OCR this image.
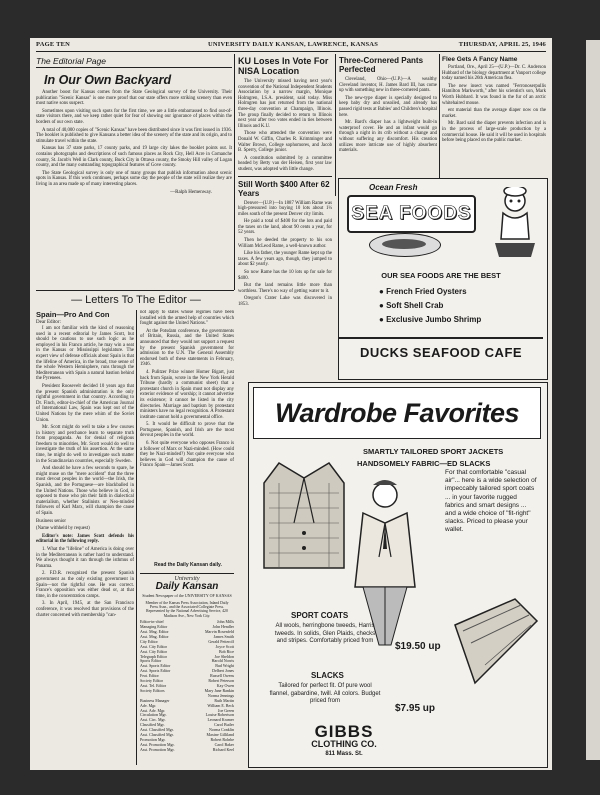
PAGE TEN	UNIVERSITY DAILY KANSAN, LAWRENCE, KANSAS	THURSDAY, APRIL 25, 1946
The Editorial Page
In Our Own Backyard

Another boost for Kansas comes from the State Geological survey of the University. Their publication "Scenic Kansas" is one more proof that our state offers more striking scenery than even most native sons suspect.

Sometimes upon visiting such spots for the first time, we are a little embarrassed to find out-of-state visitors there, and we keep rather quiet for fear of showing our ignorance of places within the borders of our own state.

A total of 40,000 copies of "Scenic Kansas" have been distributed since it was first issued in 1936. The booklet is published to give Kansans a better idea of the scenery of the state and its origin, and to stimulate travel within the state.

Kansas has 37 state parks, 17 county parks, and 19 large city lakes the booklet points out. It contains photographs and descriptions of such famous places as Rock City, Hell Acre in Comanche county, St. Jacob's Well in Clark county, Buck City in Ottawa county, the Smoky Hill valley of Logan county, and the many outstanding topographical features of Gove county.

The State Geological survey is only one of many groups that publish information about scenic spots in Kansas. If this work continues, perhaps some day the people of the state will realize they are living in an area made up of many interesting places.

—Ralph Hemenway.
KU Loses In Vote For NISA Location

The University missed having next year's convention of the National Independent Students Association by a narrow margin, Monique Holmgren, I.S.A. president, said today. Miss Holmgren has just returned from the national three-day convention at Champaign, Illinois. The group finally decided to return to Illinois next year after two votes ended in ties between Illinois and K.U.

Those who attended the convention were Donald W. Giffin, Charles R. Krimminger and Walter Brown, College sophomores, and Jacob B. Sperry, College junior.

A constitution submitted by a committee headed by Betty van der Heisen, first year law student, was adopted with little change.

Still Worth $400 After 62 Years

Denver—(U.P.)—In 1887 William Rame was high-pressured into buying 10 lots about 1¼ miles south of the present Denver city limits.

He paid a total of $400 for the lots and paid the taxes on the land, about 90 cents a year, for 52 years.

Then he deeded the property to his son William McLeod Rame, a well-known author.

Like his father, the younger Rame kept up the taxes. A few years ago, though, they jumped to about $2 yearly.

So now Rame has the 10 lots up for sale for $400.

But the land remains little more than worthless. There's no way of getting water to it.

Oregon's Crater Lake was discovered in 1853.

Three-Cornered Pants Perfected

Cleveland, Ohio—(U.P.)—A wealthy Cleveland inventor, H. James Bard III, has come up with something new in three-cornered pants.

The new-type diaper is specially designed to keep baby dry and unsoiled, and already has passed rigid tests at Babies' and Children's hospital here.

Mr. Bard's diaper has a lightweight built-in waterproof cover. He and an infant would go through a night in its crib without a change and without suffering any discomfort. His creation utilizes more intricate use of highly absorbent materials.

Flee Gets A Fancy Name

Portland, Ore., April 25—(U.P.)—Dr. C. Anderson Hubbard of the biology department at Vanport college today named his 26th American flea.

The new insect was named "Ferronoserpullis Hamilton Markworth," after his scientist's son, Mark Worth Hubbard. It was found in the fur of an arctic whitehaired mouse.

ent material than the average diaper now on the market.

Mr. Bard said the diaper prevents infection and is in the process of large-scale production by a commercial house. He said it will be used in hospitals before being placed on the public market.

Ocean Fresh
SEA FOODS
OUR SEA FOODS ARE THE BEST
● French Fried Oysters
● Soft Shell Crab
● Exclusive Jumbo Shrimp
DUCKS SEAFOOD CAFE
— Letters To The Editor —
Spain—Pro And Con
Dear Editor:

I am not familiar with the kind of reasoning used in a recent editorial by James Scott, but should be cautious to use such logic as he employed in his Franco article, he may win a seat in the Kansas or Mississippi legislature. The expert view of defense officials about Spain is that the lifeline of America, in the broad, true sense of the whole Western Hemisphere, runs through the Mediterranean with Spain a natural bastion behind the Pyrenees.

President Roosevelt decided 10 years ago that the present Spanish administration is the only rightful government in that country. According to Dr. Finch, editor-in-chief of the American Journal of International Law, Spain was kept out of the United Nations by the mere whim of the Soviet Union.

Mr. Scott might do well to take a few courses in history and perchance learn to separate truth from propaganda. As for denial of religious freedom to minorities, Mr. Scott would do well to investigate the truth of his assertion. At the same time, he might do well to investigate such matter in the Scandinavian countries, especially Sweden.

And should he have a few seconds to spare, he might muse on the "mere accident" that the three most devout peoples in the world—the Irish, the Spanish, and the Portuguese—are blackballed in the United Nations. Those who believe in God, is opposed to those who pin their faith in dialectical materialism, whether Stalinists or Neo-minded followers of Karl Marx, will champion the cause of Spain.

Business senior

(Name withheld by request)

Editor's note: James Scott defends his editorial in the following reply.

1. What the "lifeline" of America is doing over in the Mediterranean is rather hard to understand. We always thought it ran through the isthmus of Panama.

2. F.D.R. recognized the present Spanish government as the only existing government in Spain—not the rightful one. He was correct. France's opposition was either dead or, at that time, in the concentration camps.

3. In April, 1945, at the San Francisco conference, it was resolved that provisions of the charter concerned with membership "can-

not apply to states whose regimes have been installed with the armed help of countries which fought against the United Nations."

At the Potsdam conference, the governments of Britain, Russia, and the United States announced that they would not support a request by the present Spanish government for admission to the U.N. The General Assembly endorsed both of these statements in February, 1946.

4. Pulitzer Prize winner Homer Bigart, just back from Spain, wrote in the New York Herald Tribune (hardly a communist sheet) that a protestant church in Spain must not display any exterior evidence of worship; it cannot advertise its existence; it cannot be listed in the city directories. Marriage and baptism by protestant ministers have no legal recognition. A Protestant institute cannot hold a governmental office.

5. It would be difficult to prove that the Portuguese, Spanish, and Irish are the most devout peoples in the world.

6. Not quite everyone who opposes Franco is a follower of Marx or Nazi-minded. (How could they be Nazi-minded?) Not quite everyone who believes in God will champion the cause of Franco Spain—James Scott.

Read the Daily Kansan daily.
University
Daily Kansan
Student Newspaper of the UNIVERSITY OF KANSAS
Member of the Kansas Press Association, Inland Daily Press Assn., and the Associated Collegiate Press. Represented by the National Advertising Service, 420 Madison Ave., New York City.
Editor-in-chief	John Mills
Managing Editor	John Hendler
Asst. Mng. Editor	Marvin Rosenfeld
Asst. Mng. Editor	James Smith
City Editor	Gerald Petterolf
Asst. City Editor	Joyce Scott
Asst. City Editor	Bob Rice
Telegraph Editor	Joe Sheldon
Sports Editor	Harold Norris
Asst. Sports Editor	Bud Wright
Asst. Sports Editor	Delbert Jones
Feat. Editor	Russell Owens
Society Editor	Robert Peterson
Asst. Tel. Editor	Kay Owen
Society Editors	Mary Jane Rankin
Norma Jennings
Business Manager	Ruth Martin
Adv. Mgr.	William E. Beck
Asst. Adv. Mgr.	Joe Green
Circulation Mgr.	Louise Robertson
Asst. Circ. Mgr.	Leonard Kramer
Classified Mgr.	Carol Butler
Asst. Classified Mgr.	Norma Conklin
Asst. Classified Mgr.	Maxine Gilliland
Promotion Mgr.	Robert Rolnbe
Asst. Promotion Mgr.	Carol Baker
Asst. Promotion Mgr.	Richard Keel
Wardrobe Favorites
SMARTLY TAILORED SPORT JACKETS
HANDSOMELY FABRIC—ED SLACKS
For that comfortable "casual air"... here is a wide selection of impeccably tailored sport coats ... in your favorite rugged fabrics and smart designs ... and a wide choice of "fit-right" slacks. Priced to please your wallet.
SPORT COATS
All wools, herringbone tweeds, Harris tweeds. In solids, Glen Plaids, checks and stripes. Comfortably priced from	$19.50 up
SLACKS
Tailored for perfect fit. Of pure wool flannel, gabardine, twill. All colors. Budget priced from
$7.95 up
GIBBS
CLOTHING CO.
811 Mass. St.
